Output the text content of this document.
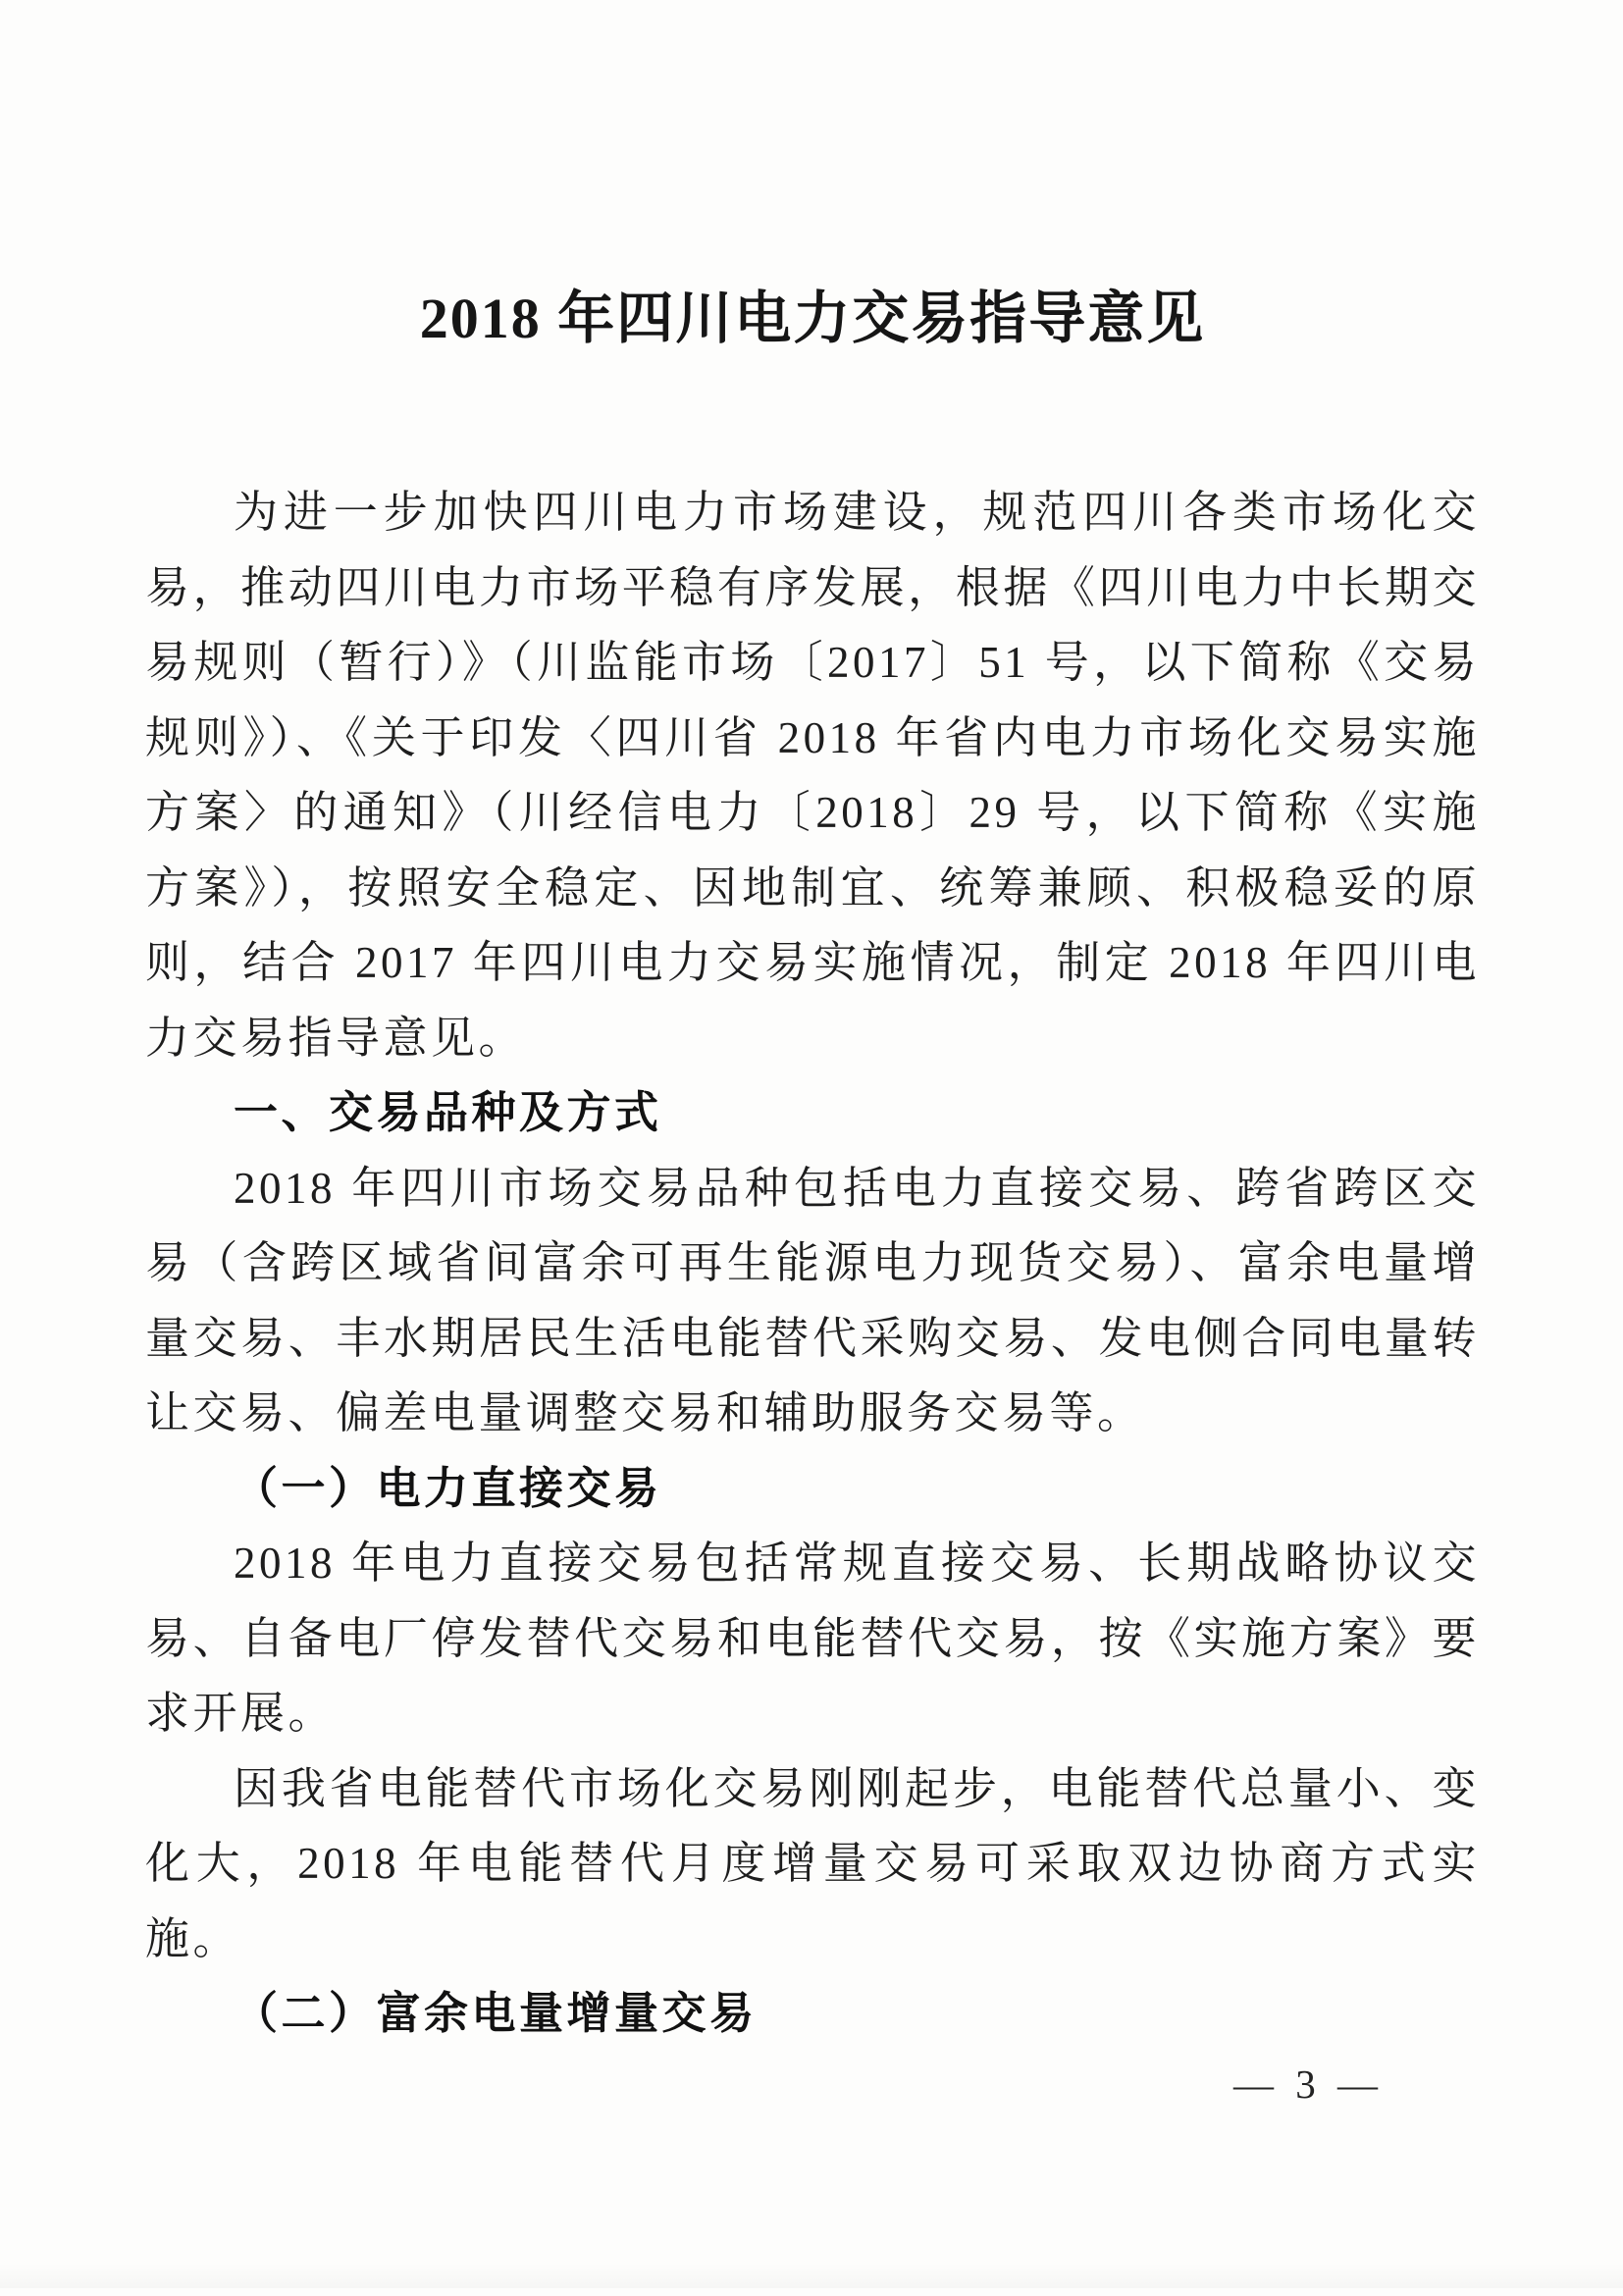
2018 年四川电力交易指导意见

为进一步加快四川电力市场建设，规范四川各类市场化交易，推动四川电力市场平稳有序发展，根据《四川电力中长期交易规则（暂行）》（川监能市场〔2017〕51 号，以下简称《交易规则》）、《关于印发〈四川省 2018 年省内电力市场化交易实施方案〉的通知》（川经信电力〔2018〕29 号，以下简称《实施方案》），按照安全稳定、因地制宜、统筹兼顾、积极稳妥的原则，结合 2017 年四川电力交易实施情况，制定 2018 年四川电力交易指导意见。

一、交易品种及方式

2018 年四川市场交易品种包括电力直接交易、跨省跨区交易（含跨区域省间富余可再生能源电力现货交易）、富余电量增量交易、丰水期居民生活电能替代采购交易、发电侧合同电量转让交易、偏差电量调整交易和辅助服务交易等。

（一）电力直接交易

2018 年电力直接交易包括常规直接交易、长期战略协议交易、自备电厂停发替代交易和电能替代交易，按《实施方案》要求开展。

因我省电能替代市场化交易刚刚起步，电能替代总量小、变化大，2018 年电能替代月度增量交易可采取双边协商方式实施。

（二）富余电量增量交易

— 3 —
